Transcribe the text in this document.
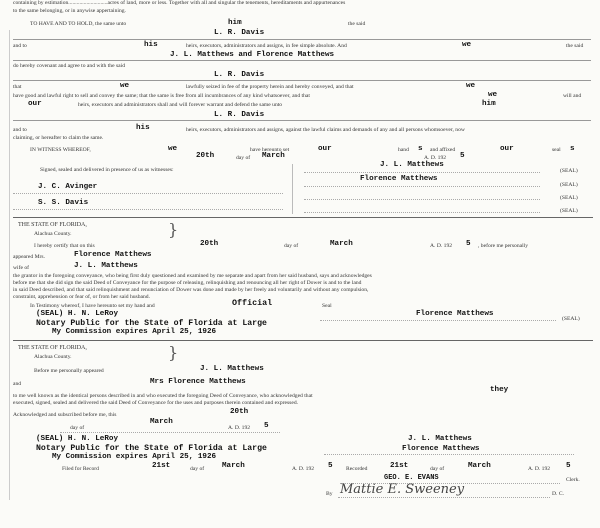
containing by estimation............................acres of land, more or less. Together with all and singular the tenements, hereditaments and appurtenances
to the same belonging, or in anywise appertaining.
TO HAVE AND TO HOLD, the same unto	him	the said
L. R. Davis
and to	his	heirs, executors, administrators and assigns, in fee simple absolute. And	we	the said
J. L. Matthews and Florence Matthews
do hereby covenant and agree to and with the said
L. R. Davis
that	we	lawfully seized in fee of the property herein and hereby conveyed, and that	we
have good and lawful right to sell and convey the same; that the same is free from all incumbrances of any kind whatsoever, and that	we	will and
our	heirs, executors and administrators shall and will forever warrant and defend the same unto	him
L. R. Davis
and to	his	heirs, executors, administrators and assigns, against the lawful claims and demands of any and all persons whomsoever, now
claiming, or hereafter to claim the same.
IN WITNESS WHEREOF,	we	have hereunto set	our	hand s and affixed	our	seal s
20th	day of March	A. D. 192 5
Signed, sealed and delivered in presence of us as witnesses:
J. L. Matthews
(SEAL)
Florence Matthews
(SEAL)
J. C. Avinger
(SEAL)
S. S. Davis
(SEAL)
THE STATE OF FLORIDA,
Alachua County.	}
I hereby certify that on this	20th	day of	March	A. D. 192 5 , before me personally
appeared Mrs.	Florence Matthews
wife of	J. L. Matthews
the grantor in the foregoing conveyance, who being first duly questioned and examined by me separate and apart from her said husband, says and acknowledges
before me that she did sign the said Deed of Conveyance for the purpose of releasing, relinquishing and renouncing all her right of Dower is and to the land
in said Deed described, and that said relinquishment and renunciation of Dower was done and made by her freely and voluntarily and without any compulsion,
constraint, apprehension or fear of, or from her said husband.
In Testimony whereof, I have hereunto set my hand and	Official	Seal
(SEAL) H. N. LeRoy	Florence Matthews
(SEAL)
Notary Public for the State of Florida at Large
My Commission expires April 25, 1926
THE STATE OF FLORIDA,
Alachua County.	}
Before me personally appeared	J. L. Matthews
and	Mrs Florence Matthews
to me well known as the identical persons described in and who executed the foregoing Deed of Conveyance, who acknowledged that
they
executed, signed, sealed and delivered the said Deed of Conveyance for the uses and purposes therein contained and expressed.
Acknowledged and subscribed before me, this	20th
day of
March
A. D. 192 5
(SEAL) H. N. LeRoy	J. L. Matthews
Notary Public for the State of Florida at Large	Florence Matthews
My Commission expires April 25, 1926
Filed for Record	21st	day of March	A. D. 192 5 Recorded	21st	day of	March	A. D. 192 5
GEO. E. EVANS	Clerk.
By Mattie E. Sweeney	D. C.
